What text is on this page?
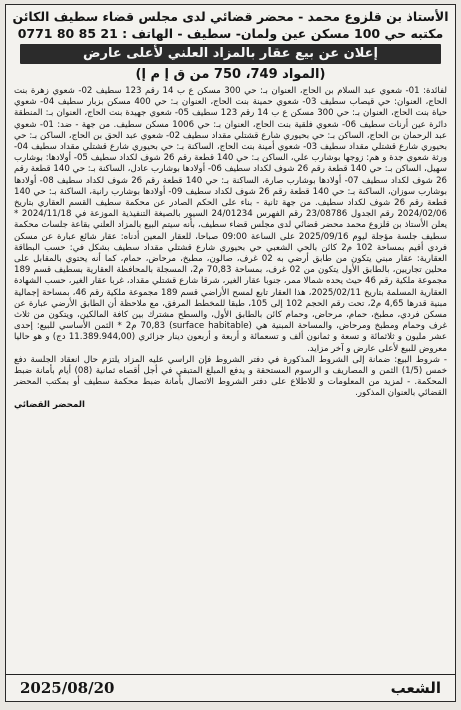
الأستاذ بن قلزوع محمد - محضر قضائي لدى مجلس قضاء سطيف الكائن
مكتبه حي 100 مسكن عين ولمان- سطيف - الهاتف : 21 85 80 0771
إعلان عن بيع عقار بالمزاد العلني لأعلى عارض
(المواد 749، 750 من ق إ م إ)

لفائدة: 01- شعوي عبد السلام بن الحاج، العنوان بـ: حي 300 مسكن ع ب 14 رقم 123 سطيف 02- شعوي زهرة بنت الحاج، العنوان: حي قيصاب سطيف 03- شعوي حمينة بنت الحاج، العنوان بـ: حي 400 مسكن بزبار سطيف 04- شعوي حياة بنت الحاج، العنوان بـ: حي 300 مسكن ع ب 14 رقم 123 سطيف 05- شعوي جهيدة بنت الحاج، العنوان بـ: المنطقة دائرة عين أرنات سطيف 06- شعوي فلقية بنت الحاج، العنوان بـ: حي 1006 مسكن سطيف. من جهة - ضد: 01- شعوي عبد الرحمان بن الحاج، الساكن بـ: حي بحيوري شارع قشتلي مقداد سطيف 02- شعوي عبد الحق بن الحاج، الساكن بـ: حي بحيوري شارع قشتلي مقداد سطيف 03- شعوي أمينة بنت الحاج، الساكنة بـ: حي بحيوري شارع قشتلي مقداد سطيف 04- ورثة شعوي جدة و هم: زوجها بوشارب علي، الساكن بـ: حي 140 قطعة رقم 26 شوف لكداد سطيف 05- أولادها: بوشارب سهيل، الساكن بـ: حي 140 قطعة رقم 26 شوف لكداد سطيف 06- أولادها بوشارب عادل، الساكنة بـ: حي 140 قطعة رقم 26 شوف لكداد سطيف 07- أولادها بوشارب صارة، الساكنة بـ: حي 140 قطعة رقم 26 شوف لكداد سطيف 08- أولادها بوشارب سوزان، الساكنة بـ: حي 140 قطعة رقم 26 شوف لكداد سطيف 09- أولادها بوشارب رانية، الساكنة بـ: حي 140 قطعة رقم 26 شوف لكداد سطيف. من جهة ثانية - بناء على الحكم الصادر عن محكمة سطيف القسم العقاري بتاريخ 2024/02/06 رقم الجدول 23/08786 رقم الفهرس 24/01234 السيور بالصيغة التنفيذية الموزعة في 2024/11/18 * يعلن الأستاذ بن قلزوع محمد محضر قضائي لدى مجلس قضاء سطيف، بأنه سيتم البيع بالمزاد العلني بقاعة جلسات محكمة سطيف جلسة مؤجلة ليوم 2025/09/16 على الساعة 09:00 صباحا، للعقار المعين أدناه: عقار شائع عبارة عن مسكن فردي أقيم بمساحة 102 م2 كائن بالحي الشعبي حي بحيوري شارع قشتلي مقداد سطيف بشكل في: حسب البطاقة العقارية: عقار مبني يتكون من طابق أرضي به 02 غرف، صالون، مطبخ، مرحاض، حمام، كما أنه يحتوي بالمقابل على محلين تجاريين، بالطابق الأول يتكون من 02 غرف، بمساحة 70,83 م2، المسجلة بالمحافظة العقارية بسطيف قسم 189 مجموعة ملكية رقم 46 حيث يحده شمالا ممر، جنوبا عقار الغير، شرقا شارع قشتلي مقداد، غربا عقار الغير، حسب الشهادة العقارية المسلمة بتاريخ 2025/02/11، هذا العقار تابع لمسح الأراضي قسم 189 مجموعة ملكية رقم 46، بمساحة إجمالية مبنية قدرها 4,65 م2، تحت رقم الحجم 102 إلى 105، طبقا للمخطط المرفق، مع ملاحظة أن الطابق الأرضي عبارة عن مسكن فردي، مطبخ، حمام، مرحاض، وحمام كائن بالطابق الأول، والسطح مشترك بين كافة المالكين، ويتكون من ثلاث غرف وحمام ومطبخ ومرحاض، والمساحة المبنية هي (surface habitable) 70,83 م2 * الثمن الأساسي للبيع: إحدى عشر مليون و ثلاثمائة و تسعة و ثمانون ألف و تسعمائة و أربعة و أربعون دينار جزائري (11.389.944,00 دج) و هو حاليا معروض للبيع لأعلى عارض و آخر مزايد.

- شروط البيع: ضمانة إلى الشروط المذكورة في دفتر الشروط فإن الراسي عليه المزاد يلتزم حال انعقاد الجلسة دفع خمس (1/5) الثمن و المصاريف و الرسوم المستحقة و يدفع المبلغ المتبقي في أجل أقصاه ثمانية (08) أيام بأمانة ضبط المحكمة. - لمزيد من المعلومات و للاطلاع على دفتر الشروط الاتصال بأمانة ضبط محكمة سطيف أو بمكتب المحضر القضائي بالعنوان المذكور.

المحضر القضائي

2025/08/20	الشعب
